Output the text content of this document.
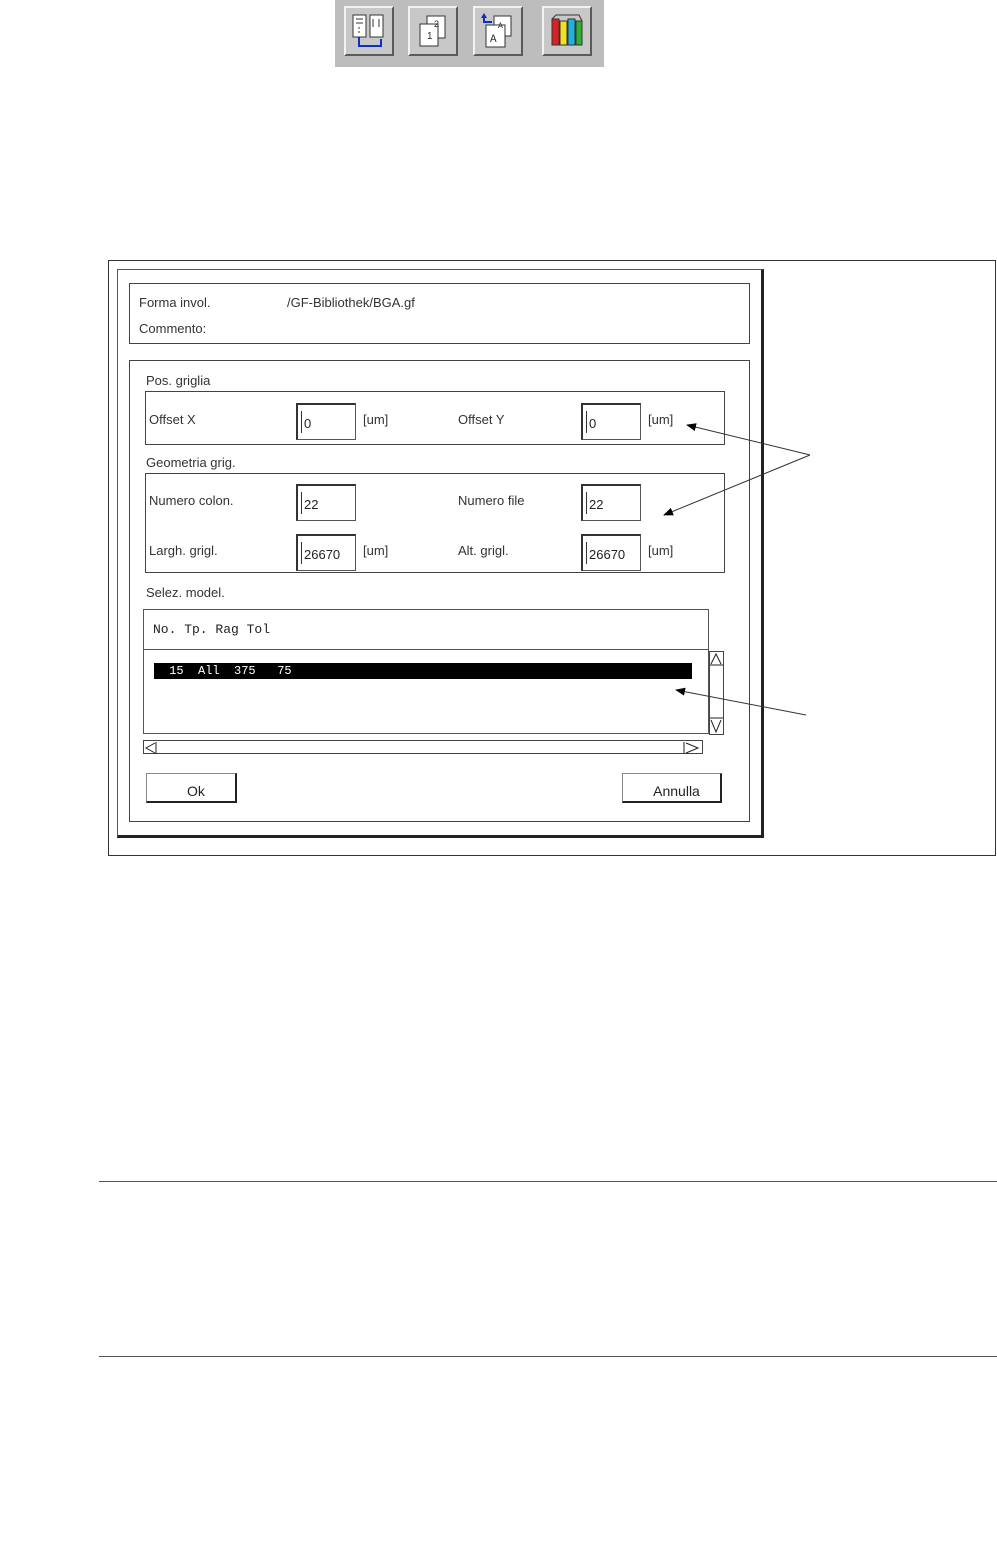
2
1	A
A
Forma invol.	/GF-Bibliothek/BGA.gf
Commento:
Pos. griglia
Offset X	0	[um]	Offset Y	0	[um]
Geometria grig.
Numero colon.	22	Numero file	22
Largh. grigl.	26670	[um]	Alt. grigl.	26670	[um]
Selez. model.
No. Tp. Rag Tol
15  All  375   75
Ok	Annulla
